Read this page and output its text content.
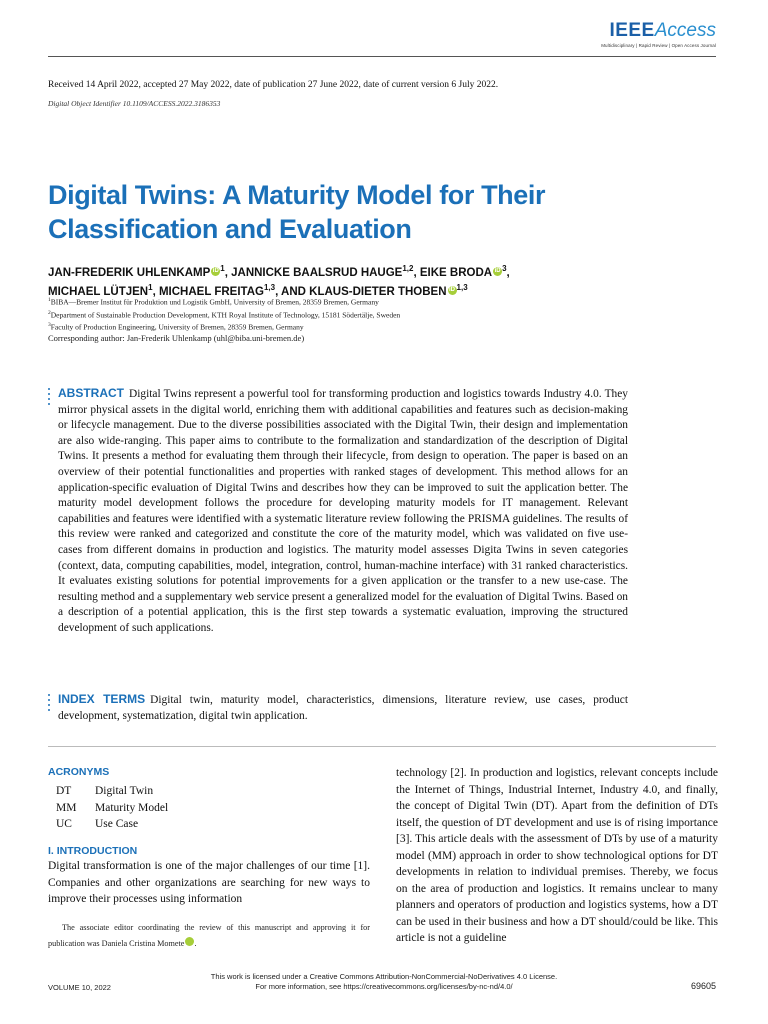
IEEEAccess
Multidisciplinary | Rapid Review | Open Access Journal
Received 14 April 2022, accepted 27 May 2022, date of publication 27 June 2022, date of current version 6 July 2022.
Digital Object Identifier 10.1109/ACCESS.2022.3186353
Digital Twins: A Maturity Model for Their Classification and Evaluation
JAN-FREDERIK UHLENKAMP iD $^1$, JANNICKE BAALSRUD HAUGE$^{1,2}$, EIKE BRODA iD $^3$,
MICHAEL LÜTJEN$^1$, MICHAEL FREITAG$^{1,3}$, AND KLAUS-DIETER THOBEN iD $^{1,3}$
$^1$BIBA—Bremer Institut für Produktion und Logistik GmbH, University of Bremen, 28359 Bremen, Germany
$^2$Department of Sustainable Production Development, KTH Royal Institute of Technology, 15181 Södertälje, Sweden
$^3$Faculty of Production Engineering, University of Bremen, 28359 Bremen, Germany
Corresponding author: Jan-Frederik Uhlenkamp (uhl@biba.uni-bremen.de)
ABSTRACT Digital Twins represent a powerful tool for transforming production and logistics towards Industry 4.0. They mirror physical assets in the digital world, enriching them with additional capabilities and features such as decision-making or lifecycle management. Due to the diverse possibilities associated with the Digital Twin, their design and implementation are also wide-ranging. This paper aims to contribute to the formalization and standardization of the description of Digital Twins. It presents a method for evaluating them through their lifecycle, from design to operation. The paper is based on an overview of their potential functionalities and properties with ranked stages of development. This method allows for an application-specific evaluation of Digital Twins and describes how they can be improved to suit the application better. The maturity model development follows the procedure for developing maturity models for IT management. Relevant capabilities and features were identified with a systematic literature review following the PRISMA guidelines. The results of this review were ranked and categorized and constitute the core of the maturity model, which was validated on five use-cases from different domains in production and logistics. The maturity model assesses Digita Twins in seven categories (context, data, computing capabilities, model, integration, control, human-machine interface) with 31 ranked characteristics. It evaluates existing solutions for potential improvements for a given application or the transfer to a new use-case. The resulting method and a supplementary web service present a generalized model for the evaluation of Digital Twins. Based on a description of a potential application, this is the first step towards a systematic evaluation, improving the structured development of such applications.
INDEX TERMS Digital twin, maturity model, characteristics, dimensions, literature review, use cases, product development, systematization, digital twin application.
ACRONYMS
DT	Digital Twin
MM	Maturity Model
UC	Use Case
I. INTRODUCTION
Digital transformation is one of the major challenges of our time [1]. Companies and other organizations are searching for new ways to improve their processes using information
The associate editor coordinating the review of this manuscript and approving it for publication was Daniela Cristina Momete	iD.
technology [2]. In production and logistics, relevant concepts include the Internet of Things, Industrial Internet, Industry 4.0, and finally, the concept of Digital Twin (DT). Apart from the definition of DTs itself, the question of DT development and use is of rising importance [3]. This article deals with the assessment of DTs by use of a maturity model (MM) approach in order to show technological options for DT developments in relation to individual premises. Thereby, we focus on the area of production and logistics. It remains unclear to many planners and operators of production and logistics systems, how a DT can be used in their business and how a DT should/could be like. This article is not a guideline
This work is licensed under a Creative Commons Attribution-NonCommercial-NoDerivatives 4.0 License.
For more information, see https://creativecommons.org/licenses/by-nc-nd/4.0/
VOLUME 10, 2022	69605
